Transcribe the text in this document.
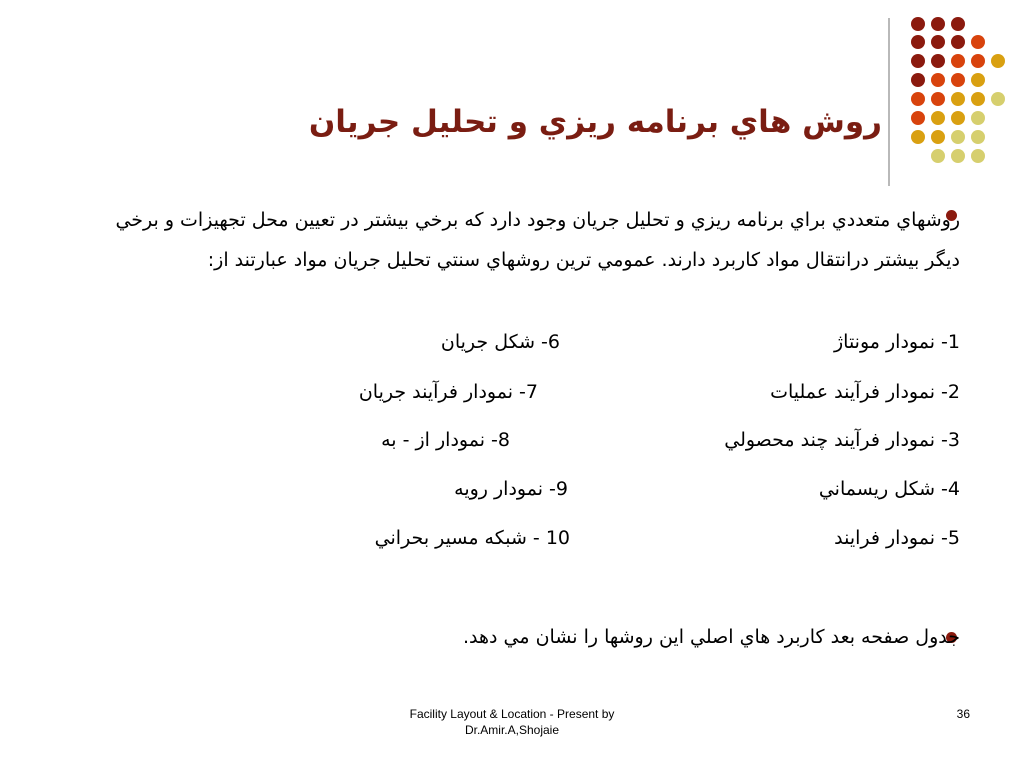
روش هاي برنامه ريزي و تحليل جريان
روشهاي متعددي براي برنامه ريزي و تحليل جريان وجود دارد كه برخي بيشتر در تعيين محل تجهيزات و برخي ديگر بيشتر درانتقال مواد كاربرد دارند. عمومي ترين روشهاي سنتي تحليل جريان مواد عبارتند از:
1- نمودار مونتاژ
2- نمودار فرآيند عمليات
3- نمودار فرآيند چند محصولي
4- شكل ريسماني
5- نمودار فرايند
6- شكل جريان
7- نمودار فرآيند جريان
8- نمودار از - به
9- نمودار رويه
10 - شبكه مسير بحراني
جدول صفحه بعد كاربرد هاي اصلي اين روشها را نشان مي دهد.
Facility Layout & Location - Present by
Dr.Amir.A,Shojaie
36
